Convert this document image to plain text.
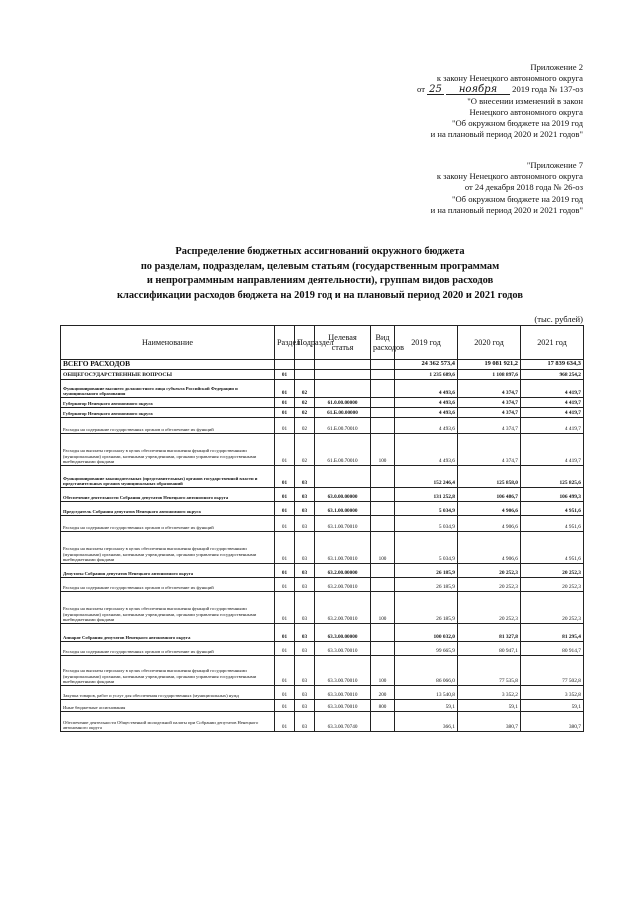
Приложение 2
к закону Ненецкого автономного округа
от 25 ноября 2019 года № 137-оз
"О внесении изменений в закон
Ненецкого автономного округа
"Об окружном бюджете на 2019 год
и на плановый период 2020 и 2021 годов"
"Приложение 7
к закону Ненецкого автономного округа
от 24 декабря 2018 года № 26-оз
"Об окружном бюджете на 2019 год
и на плановый период 2020 и 2021 годов"
Распределение бюджетных ассигнований окружного бюджета
по разделам, подразделам, целевым статьям (государственным программам
и непрограммным направлениям деятельности), группам видов расходов
классификации расходов бюджета на 2019 год и на плановый период 2020 и 2021 годов
(тыс. рублей)
Наименование	Раздел	Подраздел	Целевая статья	Вид расходов	2019 год	2020 год	2021 год
ВСЕГО РАСХОДОВ					24 362 573,4	19 081 921,2	17 839 634,3
ОБЩЕГОСУДАРСТВЕННЫЕ ВОПРОСЫ	01				1 235 689,6	1 108 897,6	968 254,2
Функционирование высшего должностного лица субъекта Российской Федерации и муниципального образования	01	02			4 493,6	4 374,7	4 419,7
Губернатор Ненецкого автономного округа	01	02	61.0.00.00000		4 493,6	4 374,7	4 419,7
Губернатор Ненецкого автономного округа	01	02	61.Б.00.00000		4 493,6	4 374,7	4 419,7
Расходы на содержание государственных органов и обеспечение их функций	01	02	61.Б.00.70010		4 493,6	4 374,7	4 419,7
Расходы на выплаты персоналу в целях обеспечения выполнения функций государственными (муниципальными) органами, казенными учреждениями, органами управления государственными внебюджетными фондами	01	02	61.Б.00.70010	100	4 493,6	4 374,7	4 419,7
Функционирование законодательных (представительных) органов государственной власти и представительных органов муниципальных образований	01	03			152 246,4	125 858,0	125 825,6
Обеспечение деятельности Собрания депутатов Ненецкого автономного округа	01	03	63.0.00.00000		131 252,8	106 486,7	106 499,3
Председатель Собрания депутатов Ненецкого автономного округа	01	03	63.1.00.00000		5 034,9	4 906,6	4 951,6
Расходы на содержание государственных органов и обеспечение их функций	01	03	63.1.00.70010		5 034,9	4 906,6	4 951,6
Расходы на выплаты персоналу в целях обеспечения выполнения функций государственными (муниципальными) органами, казенными учреждениями, органами управления государственными внебюджетными фондами	01	03	63.1.00.70010	100	5 034,9	4 906,6	4 951,6
Депутаты Собрания депутатов Ненецкого автономного округа	01	03	63.2.00.00000		26 185,9	20 252,3	20 252,3
Расходы на содержание государственных органов и обеспечение их функций	01	03	63.2.00.70010		26 185,9	20 252,3	20 252,3
Расходы на выплаты персоналу в целях обеспечения выполнения функций государственными (муниципальными) органами, казенными учреждениями, органами управления государственными внебюджетными фондами	01	03	63.2.00.70010	100	26 185,9	20 252,3	20 252,3
Аппарат Собрания депутатов Ненецкого автономного округа	01	03	63.3.00.00000		100 032,0	81 327,8	81 295,4
Расходы на содержание государственных органов и обеспечение их функций	01	03	63.3.00.70010		99 665,9	80 947,1	80 914,7
Расходы на выплаты персоналу в целях обеспечения выполнения функций государственными (муниципальными) органами, казенными учреждениями, органами управления государственными внебюджетными фондами	01	03	63.3.00.70010	100	86 066,0	77 535,8	77 502,8
Закупка товаров, работ и услуг для обеспечения государственных (муниципальных) нужд	01	03	63.3.00.70010	200	13 540,8	3 352,2	3 352,8
Иные бюджетные ассигнования	01	03	63.3.00.70010	800	59,1	59,1	59,1
Обеспечение деятельности Общественной молодежной палаты при Собрании депутатов Ненецкого автономного округа	01	03	63.3.00.70740		366,1	380,7	380,7
